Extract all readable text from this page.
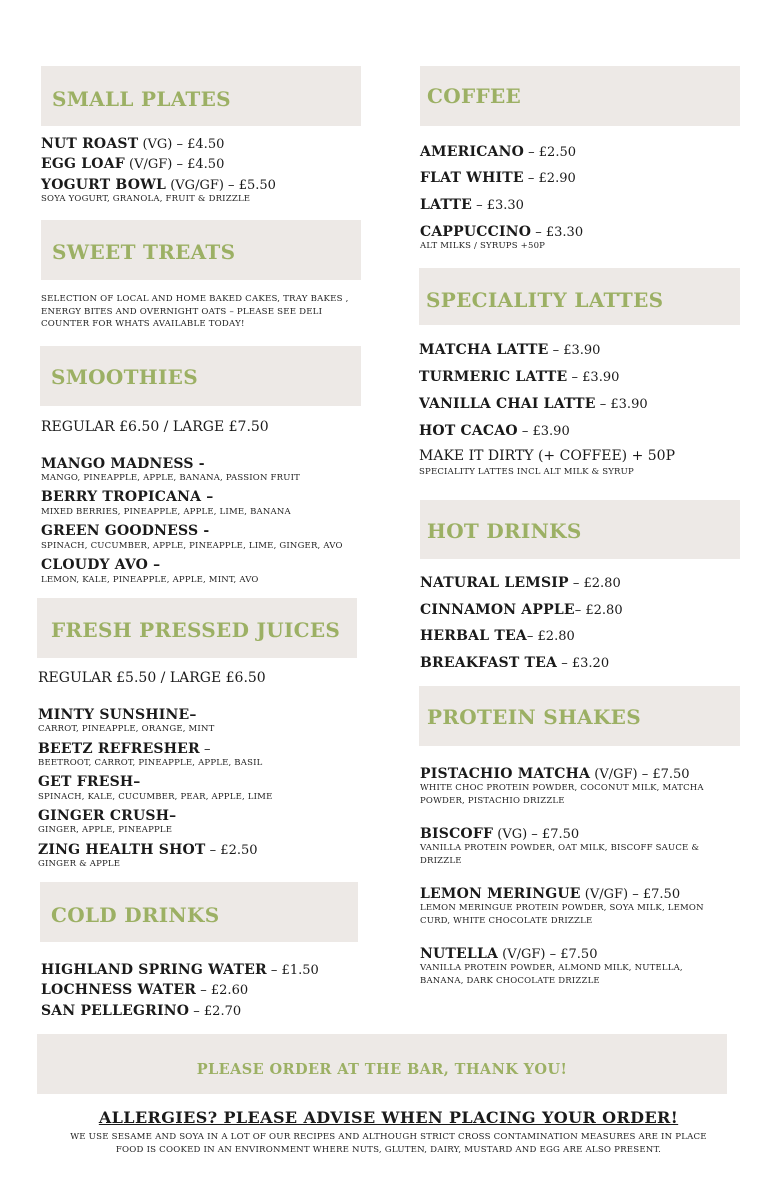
SMALL PLATES
NUT ROAST (VG) – £4.50
EGG LOAF (V/GF) – £4.50
YOGURT BOWL (VG/GF) – £5.50
SOYA YOGURT, GRANOLA, FRUIT & DRIZZLE
SWEET TREATS
SELECTION OF LOCAL AND HOME BAKED CAKES, TRAY BAKES ,
ENERGY BITES AND OVERNIGHT OATS – PLEASE SEE DELI
COUNTER FOR WHATS AVAILABLE TODAY!
SMOOTHIES
REGULAR £6.50 / LARGE £7.50
MANGO MADNESS -
MANGO, PINEAPPLE, APPLE, BANANA, PASSION FRUIT
BERRY TROPICANA –
MIXED BERRIES, PINEAPPLE, APPLE, LIME, BANANA
GREEN GOODNESS -
SPINACH, CUCUMBER, APPLE, PINEAPPLE, LIME, GINGER, AVO
CLOUDY AVO –
LEMON, KALE, PINEAPPLE, APPLE, MINT, AVO
FRESH PRESSED JUICES
REGULAR £5.50 / LARGE £6.50
MINTY SUNSHINE–
CARROT, PINEAPPLE, ORANGE, MINT
BEETZ REFRESHER –
BEETROOT, CARROT, PINEAPPLE, APPLE, BASIL
GET FRESH–
SPINACH, KALE, CUCUMBER, PEAR, APPLE, LIME
GINGER CRUSH–
GINGER, APPLE, PINEAPPLE
ZING HEALTH SHOT – £2.50
GINGER & APPLE
COLD DRINKS
HIGHLAND SPRING WATER – £1.50
LOCHNESS WATER – £2.60
SAN PELLEGRINO – £2.70
COFFEE
AMERICANO – £2.50
FLAT WHITE – £2.90
LATTE – £3.30
CAPPUCCINO – £3.30
ALT MILKS / SYRUPS +50P
SPECIALITY LATTES
MATCHA LATTE – £3.90
TURMERIC LATTE – £3.90
VANILLA CHAI LATTE – £3.90
HOT CACAO – £3.90
MAKE IT DIRTY (+ COFFEE) + 50P
SPECIALITY LATTES INCL ALT MILK & SYRUP
HOT DRINKS
NATURAL LEMSIP – £2.80
CINNAMON APPLE– £2.80
HERBAL TEA– £2.80
BREAKFAST TEA – £3.20
PROTEIN SHAKES
PISTACHIO MATCHA (V/GF) – £7.50
WHITE CHOC PROTEIN POWDER, COCONUT MILK, MATCHA
POWDER, PISTACHIO DRIZZLE
BISCOFF (VG) – £7.50
VANILLA PROTEIN POWDER, OAT MILK, BISCOFF SAUCE &
DRIZZLE
LEMON MERINGUE (V/GF) – £7.50
LEMON MERINGUE PROTEIN POWDER, SOYA MILK, LEMON
CURD, WHITE CHOCOLATE DRIZZLE
NUTELLA (V/GF) – £7.50
VANILLA PROTEIN POWDER, ALMOND MILK, NUTELLA,
BANANA, DARK CHOCOLATE DRIZZLE
PLEASE ORDER AT THE BAR, THANK YOU!
ALLERGIES? PLEASE ADVISE WHEN PLACING YOUR ORDER!
WE USE SESAME AND SOYA IN A LOT OF OUR RECIPES AND ALTHOUGH STRICT CROSS CONTAMINATION MEASURES ARE IN PLACE
FOOD IS COOKED IN AN ENVIRONMENT WHERE NUTS, GLUTEN, DAIRY, MUSTARD AND EGG ARE ALSO PRESENT.
